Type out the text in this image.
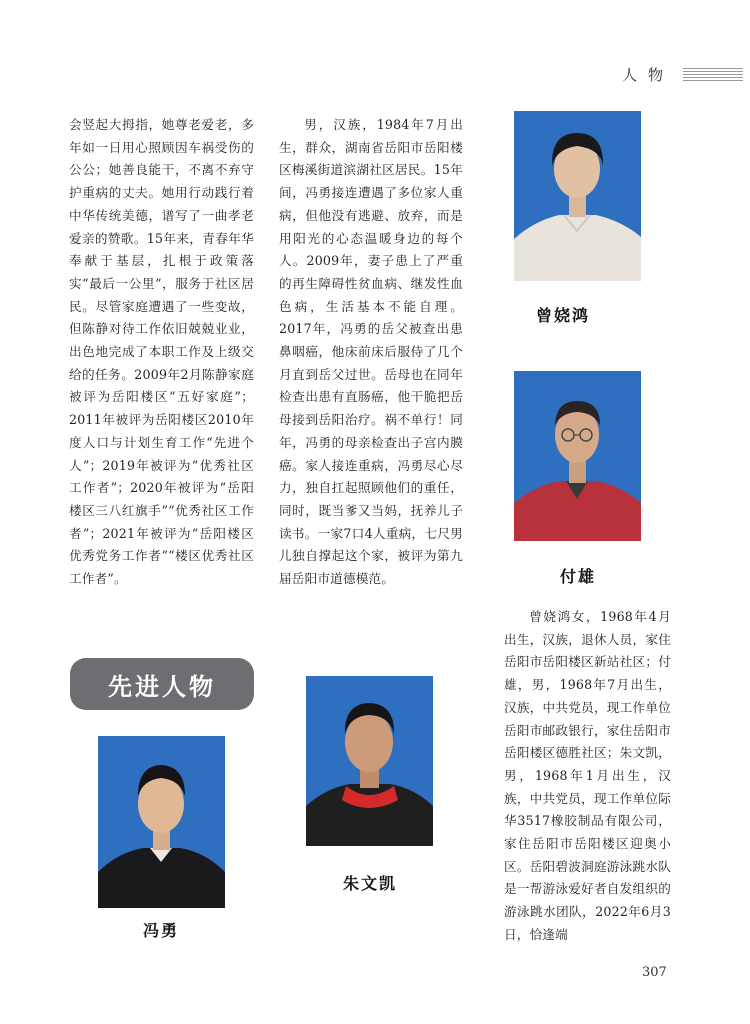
人物
会竖起大拇指，她尊老爱老，多年如一日用心照顾因车祸受伤的公公；她善良能干，不离不弃守护重病的丈夫。她用行动践行着中华传统美德，谱写了一曲孝老爱亲的赞歌。15年来，青春年华奉献于基层，扎根于政策落实“最后一公里”，服务于社区居民。尽管家庭遭遇了一些变故，但陈静对待工作依旧兢兢业业，出色地完成了本职工作及上级交给的任务。2009年2月陈静家庭被评为岳阳楼区“五好家庭”；2011年被评为岳阳楼区2010年度人口与计划生育工作“先进个人”；2019年被评为“优秀社区工作者”；2020年被评为“岳阳楼区三八红旗手”“优秀社区工作者”；2021年被评为“岳阳楼区优秀党务工作者”“楼区优秀社区工作者”。
男，汉族，1984年7月出生，群众，湖南省岳阳市岳阳楼区梅溪街道滨湖社区居民。15年间，冯勇接连遭遇了多位家人重病，但他没有逃避、放弃，而是用阳光的心态温暖身边的每个人。2009年，妻子患上了严重的再生障碍性贫血病、继发性血色病，生活基本不能自理。2017年，冯勇的岳父被查出患鼻咽癌，他床前床后服侍了几个月直到岳父过世。岳母也在同年检查出患有直肠癌，他干脆把岳母接到岳阳治疗。祸不单行！同年，冯勇的母亲检查出子宫内膜癌。家人接连重病，冯勇尽心尽力，独自扛起照顾他们的重任，同时，既当爹又当妈，抚养儿子读书。一家7口4人重病，七尺男儿独自撑起这个家，被评为第九届岳阳市道德模范。
曾娆鸿女，1968年4月出生，汉族，退休人员，家住岳阳市岳阳楼区新站社区；付雄，男，1968年7月出生，汉族，中共党员，现工作单位岳阳市邮政银行，家住岳阳市岳阳楼区德胜社区；朱文凯，男，1968年1月出生，汉族，中共党员，现工作单位际华3517橡胶制品有限公司，家住岳阳市岳阳楼区迎奥小区。岳阳碧波洞庭游泳跳水队是一帮游泳爱好者自发组织的游泳跳水团队，2022年6月3日，恰逢端
曾娆鸿
付雄
先进人物
朱文凯
冯勇
307
